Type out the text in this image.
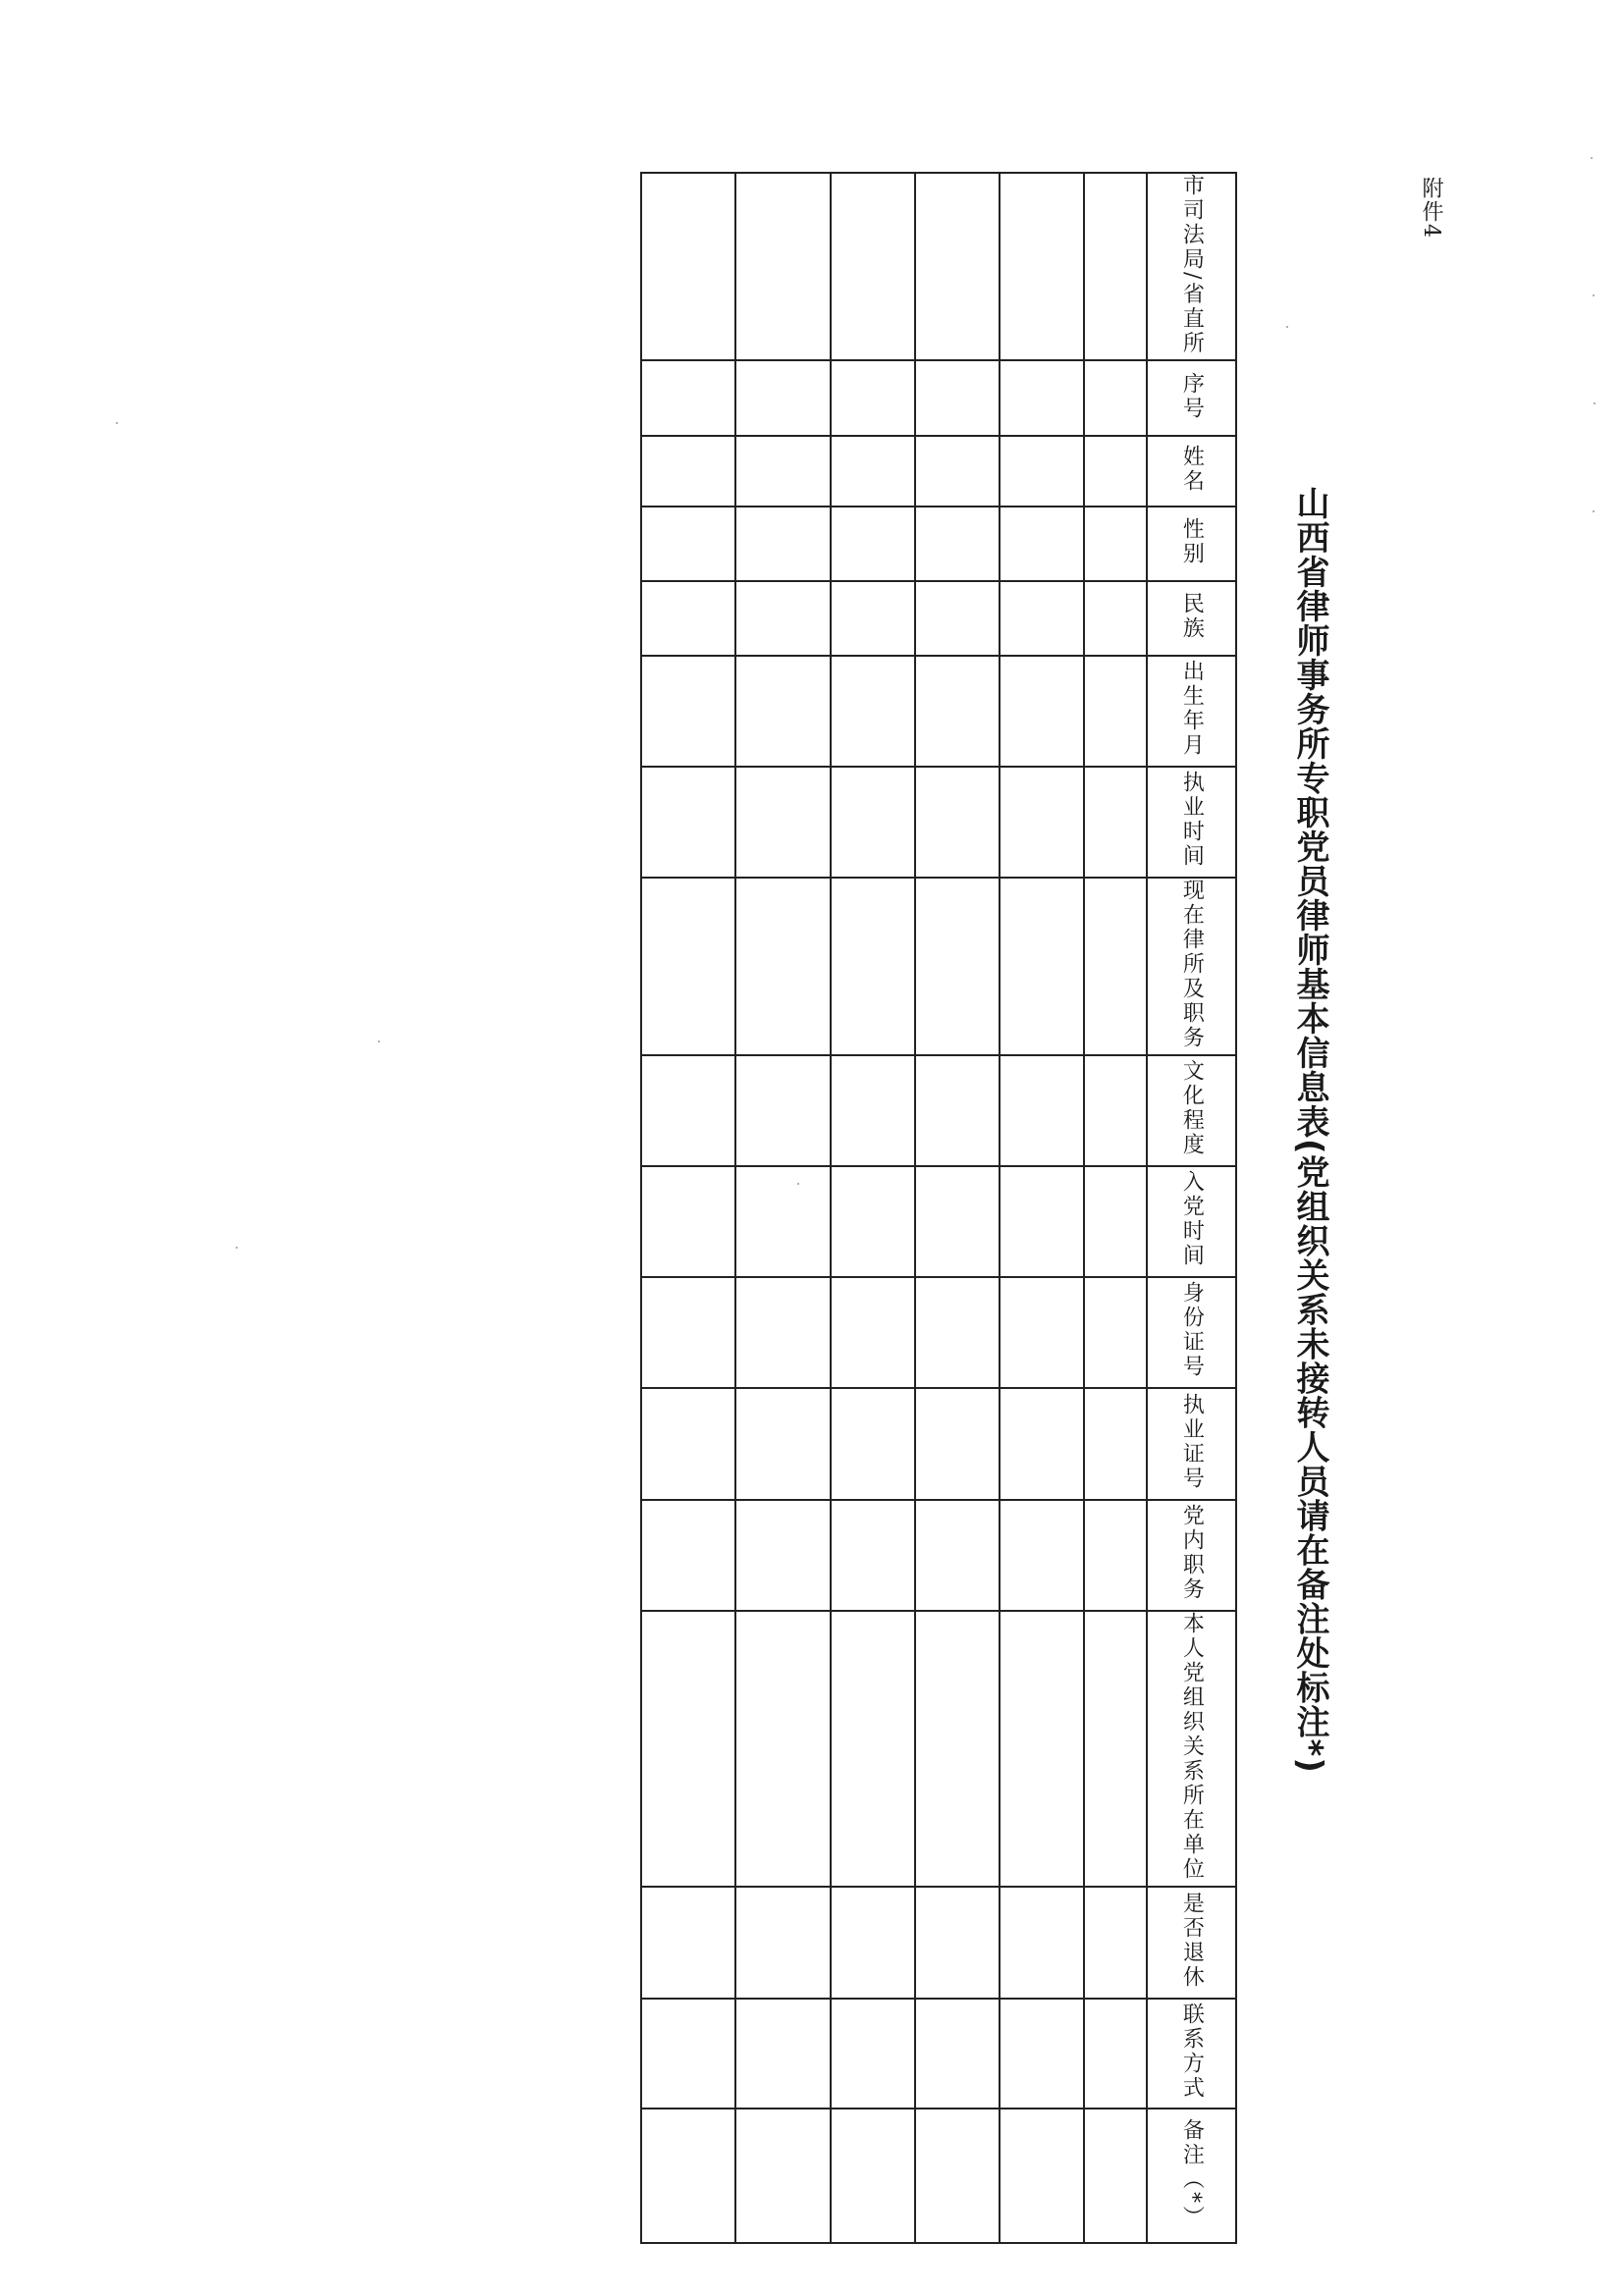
附件4
山西省律师事务所专职党员律师基本信息表(党组织关系未接转人员请在备注处标注*)
						市司法局/省直所
						序号
						姓名
						性别
						民族
						出生年月
						执业时间
						现在律所及职务
						文化程度
						入党时间
						身份证号
						执业证号
						党内职务
						本人党组织关系所在单位
						是否退休
						联系方式
						备注（*）
